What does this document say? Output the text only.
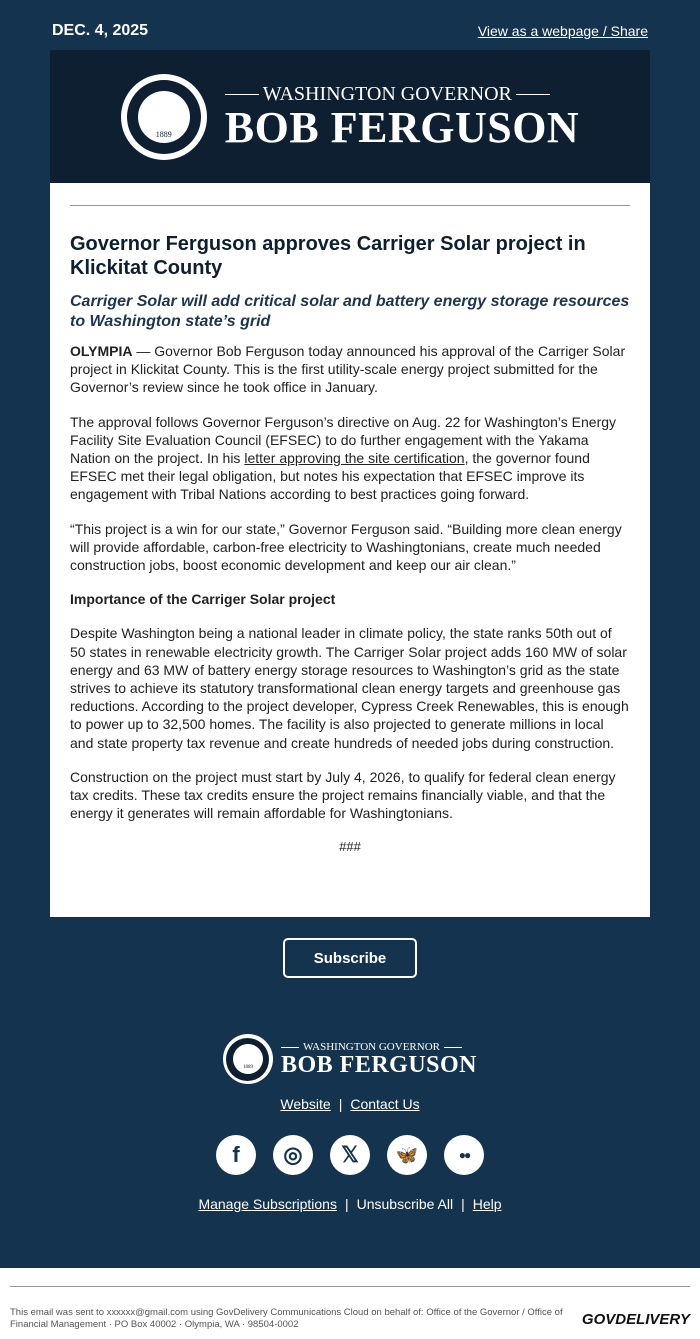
DEC. 4, 2025	View as a webpage / Share
1889
WASHINGTON GOVERNOR
BOB FERGUSON
Governor Ferguson approves Carriger Solar project in Klickitat County
Carriger Solar will add critical solar and battery energy storage resources to Washington state’s grid

OLYMPIA — Governor Bob Ferguson today announced his approval of the Carriger Solar project in Klickitat County. This is the first utility-scale energy project submitted for the Governor’s review since he took office in January.

The approval follows Governor Ferguson’s directive on Aug. 22 for Washington’s Energy Facility Site Evaluation Council (EFSEC) to do further engagement with the Yakama Nation on the project. In his letter approving the site certification, the governor found EFSEC met their legal obligation, but notes his expectation that EFSEC improve its engagement with Tribal Nations according to best practices going forward.

“This project is a win for our state,” Governor Ferguson said. “Building more clean energy will provide affordable, carbon-free electricity to Washingtonians, create much needed construction jobs, boost economic development and keep our air clean.”

Importance of the Carriger Solar project

Despite Washington being a national leader in climate policy, the state ranks 50th out of 50 states in renewable electricity growth. The Carriger Solar project adds 160 MW of solar energy and 63 MW of battery energy storage resources to Washington’s grid as the state strives to achieve its statutory transformational clean energy targets and greenhouse gas reductions. According to the project developer, Cypress Creek Renewables, this is enough to power up to 32,500 homes. The facility is also projected to generate millions in local and state property tax revenue and create hundreds of needed jobs during construction.

Construction on the project must start by July 4, 2026, to qualify for federal clean energy tax credits. These tax credits ensure the project remains financially viable, and that the energy it generates will remain affordable for Washingtonians.

###

Subscribe
1889
WASHINGTON GOVERNOR
BOB FERGUSON
Website | Contact Us
f	◎	𝕏	🦋	●●
Manage Subscriptions | Unsubscribe All | Help

This email was sent to xxxxxx@gmail.com using GovDelivery Communications Cloud on behalf of: Office of the Governor / Office of Financial Management · PO Box 40002 · Olympia, WA · 98504-0002	GOVDELIVERY
